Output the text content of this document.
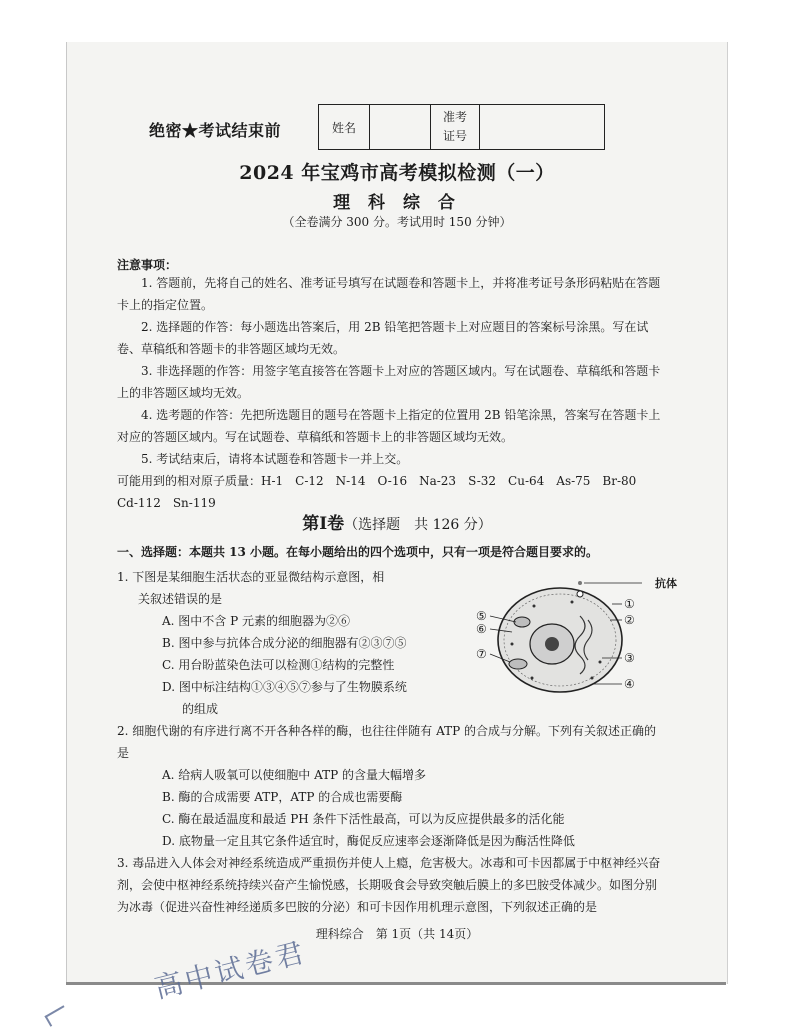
绝密★考试结束前	姓名		
准考
证号

2024 年宝鸡市高考模拟检测（一）
理 科 综 合
（全卷满分 300 分。考试用时 150 分钟）
注意事项：
1. 答题前，先将自己的姓名、准考证号填写在试题卷和答题卡上，并将准考证号条形码粘贴在答题卡上的指定位置。
2. 选择题的作答：每小题选出答案后，用 2B 铅笔把答题卡上对应题目的答案标号涂黑。写在试卷、草稿纸和答题卡的非答题区域均无效。
3. 非选择题的作答：用签字笔直接答在答题卡上对应的答题区域内。写在试题卷、草稿纸和答题卡上的非答题区域均无效。
4. 选考题的作答：先把所选题目的题号在答题卡上指定的位置用 2B 铅笔涂黑，答案写在答题卡上对应的答题区域内。写在试题卷、草稿纸和答题卡上的非答题区域均无效。
5. 考试结束后，请将本试题卷和答题卡一并上交。
可能用到的相对原子质量：H-1　C-12　N-14　O-16　Na-23　S-32　Cu-64　As-75　Br-80　Cd-112　Sn-119
第Ⅰ卷（选择题　共 126 分）
一、选择题：本题共 13 小题。在每小题给出的四个选项中，只有一项是符合题目要求的。
1. 下图是某细胞生活状态的亚显微结构示意图，相
关叙述错误的是
A. 图中不含 P 元素的细胞器为②⑥
B. 图中参与抗体合成分泌的细胞器有②③⑦⑤
C. 用台盼蓝染色法可以检测①结构的完整性
D. 图中标注结构①③④⑤⑦参与了生物膜系统
的组成
抗体
①
②
③
④
⑤
⑥
⑦
2. 细胞代谢的有序进行离不开各种各样的酶，也往往伴随有 ATP 的合成与分解。下列有关叙述正确的是
A. 给病人吸氧可以使细胞中 ATP 的含量大幅增多
B. 酶的合成需要 ATP，ATP 的合成也需要酶
C. 酶在最适温度和最适 PH 条件下活性最高，可以为反应提供最多的活化能
D. 底物量一定且其它条件适宜时，酶促反应速率会逐渐降低是因为酶活性降低
3. 毒品进入人体会对神经系统造成严重损伤并使人上瘾，危害极大。冰毒和可卡因都属于中枢神经兴奋剂，会使中枢神经系统持续兴奋产生愉悦感，长期吸食会导致突触后膜上的多巴胺受体减少。如图分别为冰毒（促进兴奋性神经递质多巴胺的分泌）和可卡因作用机理示意图，下列叙述正确的是
理科综合　第 1页（共 14页）
高中试卷君
